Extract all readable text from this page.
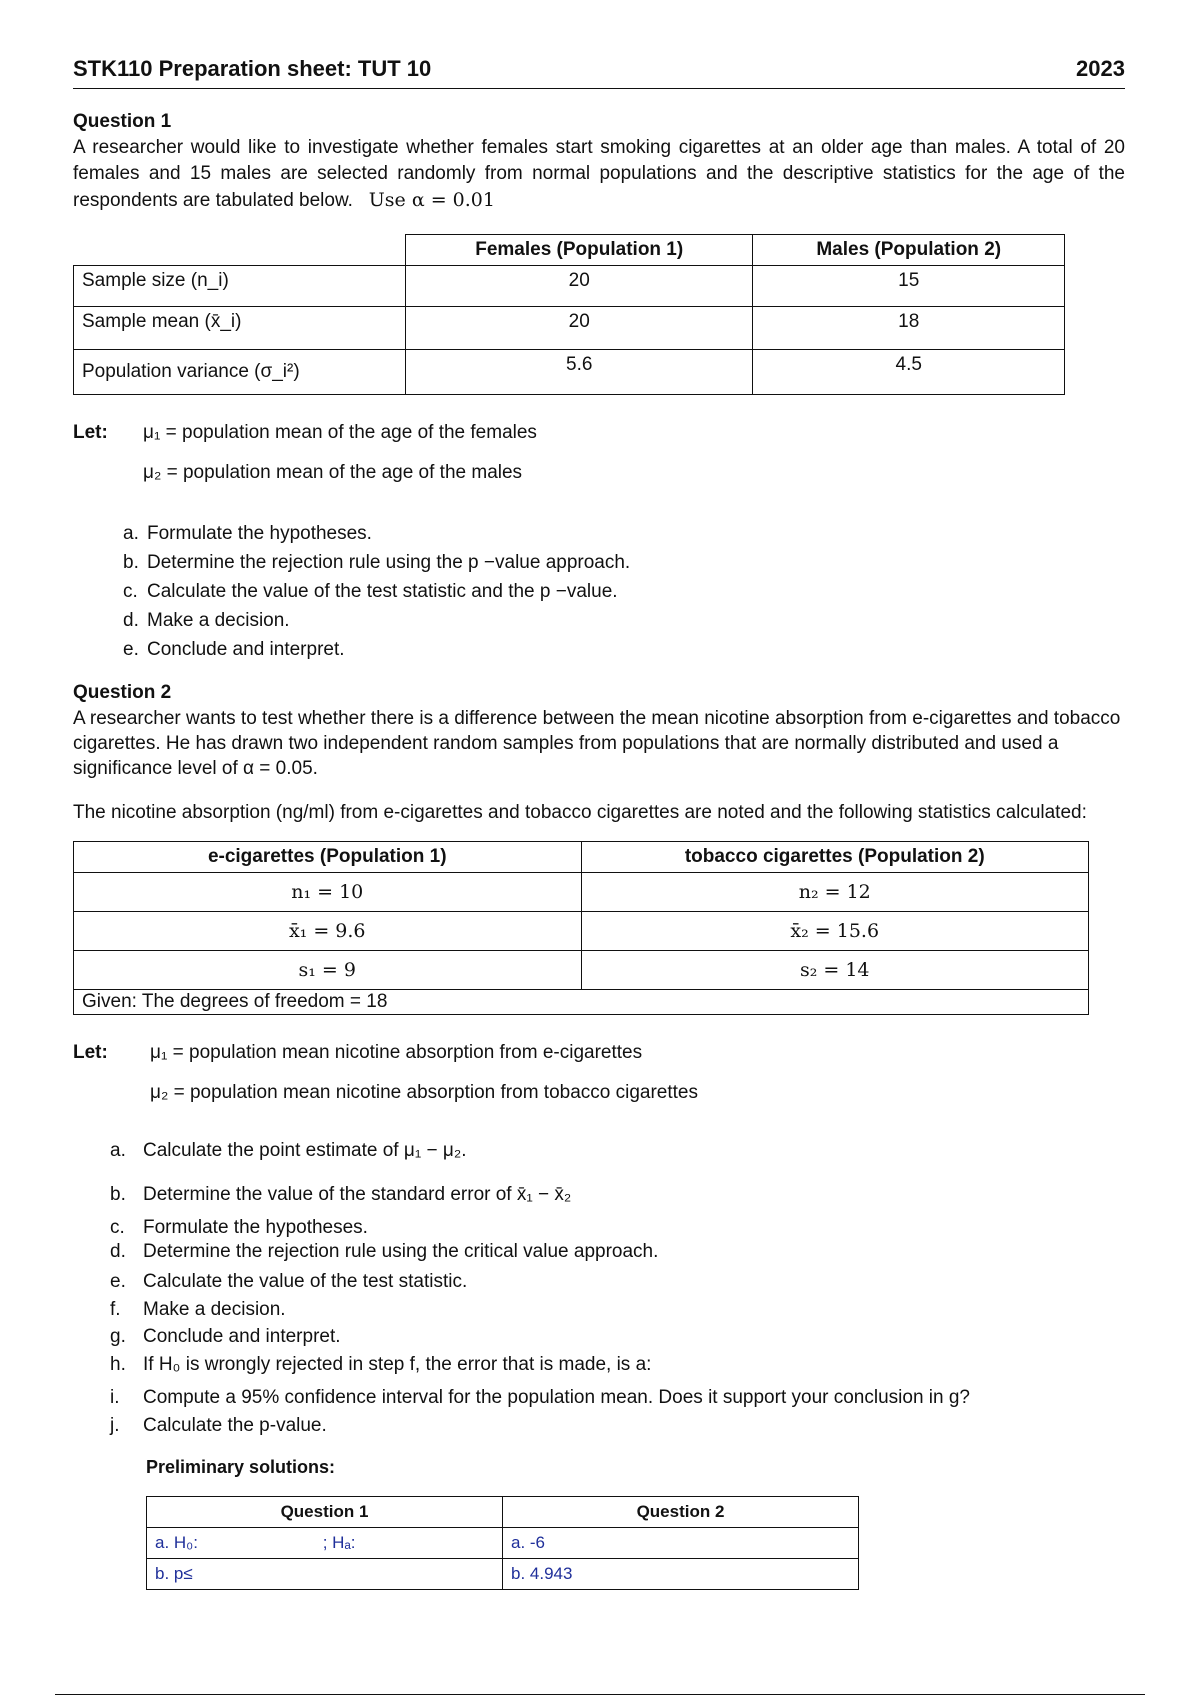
STK110 Preparation sheet: TUT 10	2023
Question 1

A researcher would like to investigate whether females start smoking cigarettes at an older age than males. A total of 20 females and 15 males are selected randomly from normal populations and the descriptive statistics for the age of the respondents are tabulated below. Use α = 0.01

	Females (Population 1)	Males (Population 2)
Sample size (n_i)	20	15
Sample mean (x̄_i)	20	18
Population variance (σ_i²)	5.6	4.5
Let:	μ₁ = population mean of the age of the females
μ₂ = population mean of the age of the males
a. Formulate the hypotheses.
b. Determine the rejection rule using the p −value approach.
c. Calculate the value of the test statistic and the p −value.
d. Make a decision.
e. Conclude and interpret.
Question 2

A researcher wants to test whether there is a difference between the mean nicotine absorption from e-cigarettes and tobacco cigarettes. He has drawn two independent random samples from populations that are normally distributed and used a significance level of α = 0.05.

The nicotine absorption (ng/ml) from e-cigarettes and tobacco cigarettes are noted and the following statistics calculated:

e-cigarettes (Population 1)	tobacco cigarettes (Population 2)
n₁ = 10	n₂ = 12
x̄₁ = 9.6	x̄₂ = 15.6
s₁ = 9	s₂ = 14
Given: The degrees of freedom = 18	
Let:	μ₁ = population mean nicotine absorption from e-cigarettes
μ₂ = population mean nicotine absorption from tobacco cigarettes
a. Calculate the point estimate of μ₁ − μ₂.
b. Determine the value of the standard error of x̄₁ − x̄₂
c. Formulate the hypotheses.
d. Determine the rejection rule using the critical value approach.
e. Calculate the value of the test statistic.
f.	Make a decision.
g. Conclude and interpret.
h. If H₀ is wrongly rejected in step f, the error that is made, is a:
i.	Compute a 95% confidence interval for the population mean. Does it support your conclusion in g?
j.	Calculate the p-value.
Preliminary solutions:
Question 1	Question 2
a. H₀: ; Hₐ:	a. -6
b. p≤	b. 4.943
